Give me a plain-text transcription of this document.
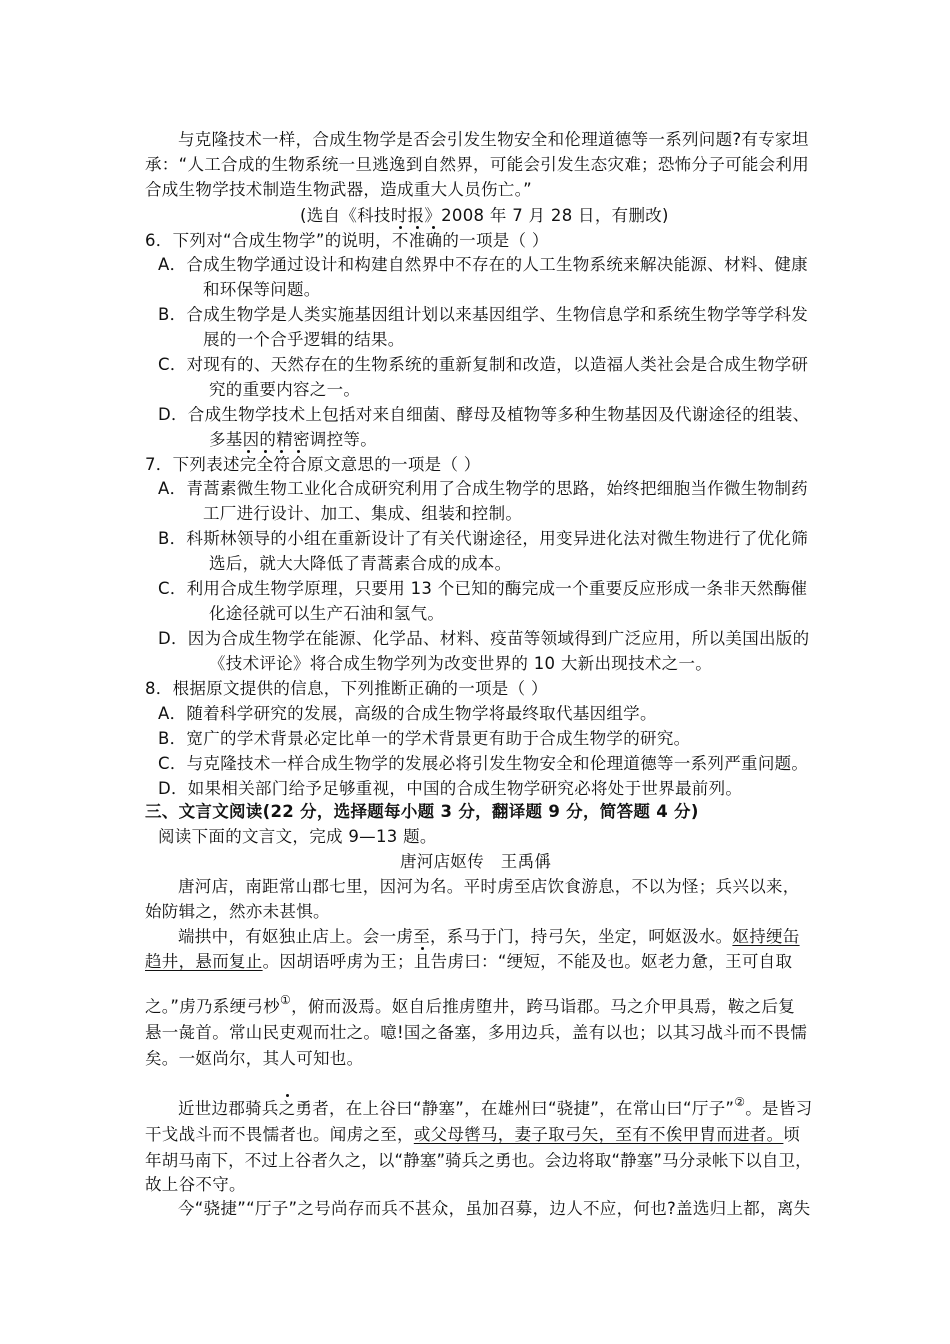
与克隆技术一样，合成生物学是否会引发生物安全和伦理道德等一系列问题?有专家坦
承：“人工合成的生物系统一旦逃逸到自然界，可能会引发生态灾难；恐怖分子可能会利用
合成生物学技术制造生物武器，造成重大人员伤亡。”
(选自《科技时报》2008 年 7 月 28 日，有删改)
6．下列对“合成生物学”的说明，不准确的一项是（ ）
A．合成生物学通过设计和构建自然界中不存在的人工生物系统来解决能源、材料、健康
和环保等问题。
B．合成生物学是人类实施基因组计划以来基因组学、生物信息学和系统生物学等学科发
展的一个合乎逻辑的结果。
C．对现有的、天然存在的生物系统的重新复制和改造，以造福人类社会是合成生物学研
究的重要内容之一。
D．合成生物学技术上包括对来自细菌、酵母及植物等多种生物基因及代谢途径的组装、
多基因的精密调控等。
7．下列表述完全符合原文意思的一项是（ ）
A．青蒿素微生物工业化合成研究利用了合成生物学的思路，始终把细胞当作微生物制药
工厂进行设计、加工、集成、组装和控制。
B．科斯林领导的小组在重新设计了有关代谢途径，用变异进化法对微生物进行了优化筛
选后，就大大降低了青蒿素合成的成本。
C．利用合成生物学原理，只要用 13 个已知的酶完成一个重要反应形成一条非天然酶催
化途径就可以生产石油和氢气。
D．因为合成生物学在能源、化学品、材料、疫苗等领域得到广泛应用，所以美国出版的
《技术评论》将合成生物学列为改变世界的 10 大新出现技术之一。
8．根据原文提供的信息，下列推断正确的一项是（ ）
A．随着科学研究的发展，高级的合成生物学将最终取代基因组学。
B．宽广的学术背景必定比单一的学术背景更有助于合成生物学的研究。
C．与克隆技术一样合成生物学的发展必将引发生物安全和伦理道德等一系列严重问题。
D．如果相关部门给予足够重视，中国的合成生物学研究必将处于世界最前列。
三、文言文阅读(22 分，选择题每小题 3 分，翻译题 9 分，简答题 4 分)
阅读下面的文言文，完成 9—13 题。
唐河店妪传　王禹偁
唐河店，南距常山郡七里，因河为名。平时虏至店饮食游息，不以为怪；兵兴以来，
始防辑之，然亦未甚惧。
端拱中，有妪独止店上。会一虏至，系马于门，持弓矢，坐定，呵妪汲水。妪持绠缶
趋井，悬而复止。因胡语呼虏为王；且告虏曰：“绠短，不能及也。妪老力惫，王可自取
之。”虏乃系绠弓杪①，俯而汲焉。妪自后推虏堕井，跨马诣郡。马之介甲具焉，鞍之后复
悬一彘首。常山民吏观而壮之。噫!国之备塞，多用边兵，盖有以也；以其习战斗而不畏懦
矣。一妪尚尔，其人可知也。
近世边郡骑兵之勇者，在上谷曰“静塞”，在雄州曰“骁捷”，在常山曰“厅子”②。是皆习
干戈战斗而不畏懦者也。闻虏之至，或父母辔马，妻子取弓矢，至有不俟甲胄而进者。顷
年胡马南下，不过上谷者久之，以“静塞”骑兵之勇也。会边将取“静塞”马分录帐下以自卫，
故上谷不守。
今“骁捷”“厅子”之号尚存而兵不甚众，虽加召募，边人不应，何也?盖选归上都，离失
